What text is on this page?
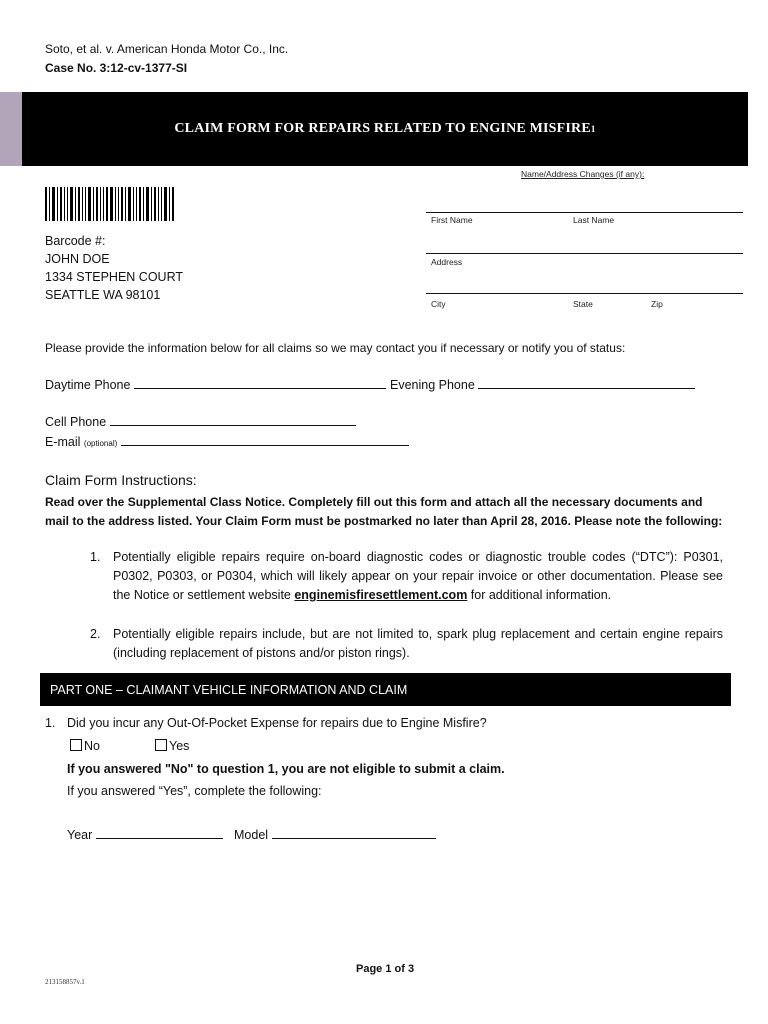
Soto, et al. v. American Honda Motor Co., Inc.
Case No. 3:12-cv-1377-SI
CLAIM FORM FOR REPAIRS RELATED TO ENGINE MISFIRE 1
Barcode #:
JOHN DOE
1334 STEPHEN COURT
SEATTLE WA 98101
Name/Address Changes (if any):
First Name	Last Name
Address
City	State	Zip
Please provide the information below for all claims so we may contact you if necessary or notify you of status:
Daytime Phone	Evening Phone
Cell Phone
E-mail (optional)
Claim Form Instructions:
Read over the Supplemental Class Notice. Completely fill out this form and attach all the necessary documents and mail to the address listed. Your Claim Form must be postmarked no later than April 28, 2016. Please note the following:
1. Potentially eligible repairs require on-board diagnostic codes or diagnostic trouble codes (“DTC”): P0301, P0302, P0303, or P0304, which will likely appear on your repair invoice or other documentation. Please see the Notice or settlement website enginemisfiresettlement.com for additional information.
2. Potentially eligible repairs include, but are not limited to, spark plug replacement and certain engine repairs (including replacement of pistons and/or piston rings).
PART ONE – CLAIMANT VEHICLE INFORMATION AND CLAIM
1. Did you incur any Out-Of-Pocket Expense for repairs due to Engine Misfire?
No	Yes
If you answered "No" to question 1, you are not eligible to submit a claim.
If you answered “Yes”, complete the following:
Year	Model
Page 1 of 3
213158857v.1
